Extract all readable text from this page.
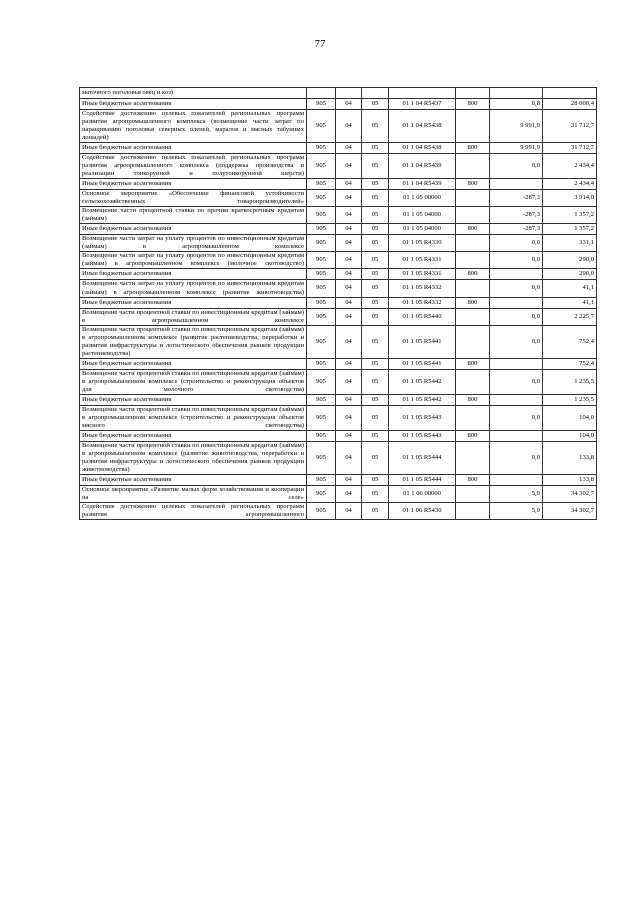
77
маточного поголовья овец и коз)							
Иные бюджетные ассигнования	905	04	05	01 1 04 R5437	800	0,8	28 000,4
Содействие достижению целевых показателей региональных программ развития агропромышленного комплекса (возмещение части затрат по наращиванию поголовья северных оленей, маралов и мясных табунных лошадей)	905	04	05	01 1 04 R5438		9 991,9	31 712,7
Иные бюджетные ассигнования	905	04	05	01 1 04 R5438	800	9 991,9	31 712,7
Содействие достижению целевых показателей региональных программ развития агропромышленного комплекса (поддержка производства и реализации тонкорунной и полутонкорунной шерсти)	905	04	05	01 1 04 R5439		0,0	2 434,4
Иные бюджетные ассигнования	905	04	05	01 1 04 R5439	800		2 434,4
Основное мероприятие «Обеспечение финансовой устойчивости сельскохозяйственных товаропроизводителей»	905	04	05	01 1 05 00000		-287,3	3 914,0
Возмещение части процентной ставки по прочим краткосрочным кредитам (займам)	905	04	05	01 1 05 04000		-287,3	1 357,2
Иные бюджетные ассигнования	905	04	05	01 1 05 04000	800	-287,3	1 357,2
Возмещение части затрат на уплату процентов по инвестиционным кредитам (займам) в агропромышленном комплексе	905	04	05	01 1 05 R4330		0,0	331,1
Возмещение части затрат на уплату процентов по инвестиционным кредитам (займам) в агропромышленном комплексе (молочное скотоводство)	905	04	05	01 1 05 R4331		0,0	290,0
Иные бюджетные ассигнования	905	04	05	01 1 05 R4331	800		290,0
Возмещение части затрат на уплату процентов по инвестиционным кредитам (займам) в агропромышленном комплексе (развитие животноводства)	905	04	05	01 1 05 R4332		0,0	41,1
Иные бюджетные ассигнования	905	04	05	01 1 05 R4332	800		41,1
Возмещение части процентной ставки по инвестиционным кредитам (займам) в агропромышленном комплексе	905	04	05	01 1 05 R5440		0,0	2 225,7
Возмещение части процентной ставки по инвестиционным кредитам (займам) в агропромышленном комплексе (развитие растениеводства, переработки и развития инфраструктуры и логистического обеспечения рынков продукции растениеводства)	905	04	05	01 1 05 R5441		0,0	752,4
Иные бюджетные ассигнования	905	04	05	01 1 05 R5441	800		752,4
Возмещение части процентной ставки по инвестиционным кредитам (займам) в агропромышленном комплексе (строительство и реконструкция объектов для молочного скотоводства)	905	04	05	01 1 05 R5442		0,0	1 235,5
Иные бюджетные ассигнования	905	04	05	01 1 05 R5442	800		1 235,5
Возмещение части процентной ставки по инвестиционным кредитам (займам) в агропромышленном комплексе (строительство и реконструкция объектов мясного скотоводства)	905	04	05	01 1 05 R5443		0,0	104,0
Иные бюджетные ассигнования	905	04	05	01 1 05 R5443	800		104,0
Возмещение части процентной ставки по инвестиционным кредитам (займам) в агропромышленном комплексе (развитие животноводства, переработки и развития инфраструктуры и логистического обеспечения рынков продукции животноводства)	905	04	05	01 1 05 R5444		0,0	133,8
Иные бюджетные ассигнования	905	04	05	01 1 05 R5444	800		133,8
Основное мероприятие «Развитие малых форм хозяйствования и кооперации на селе»	905	04	05	01 1 06 00000		5,9	34 302,7
Содействие достижению целевых показателей региональных программ развития агропромышленного	905	04	05	01 1 06 R5430		5,9	34 302,7
